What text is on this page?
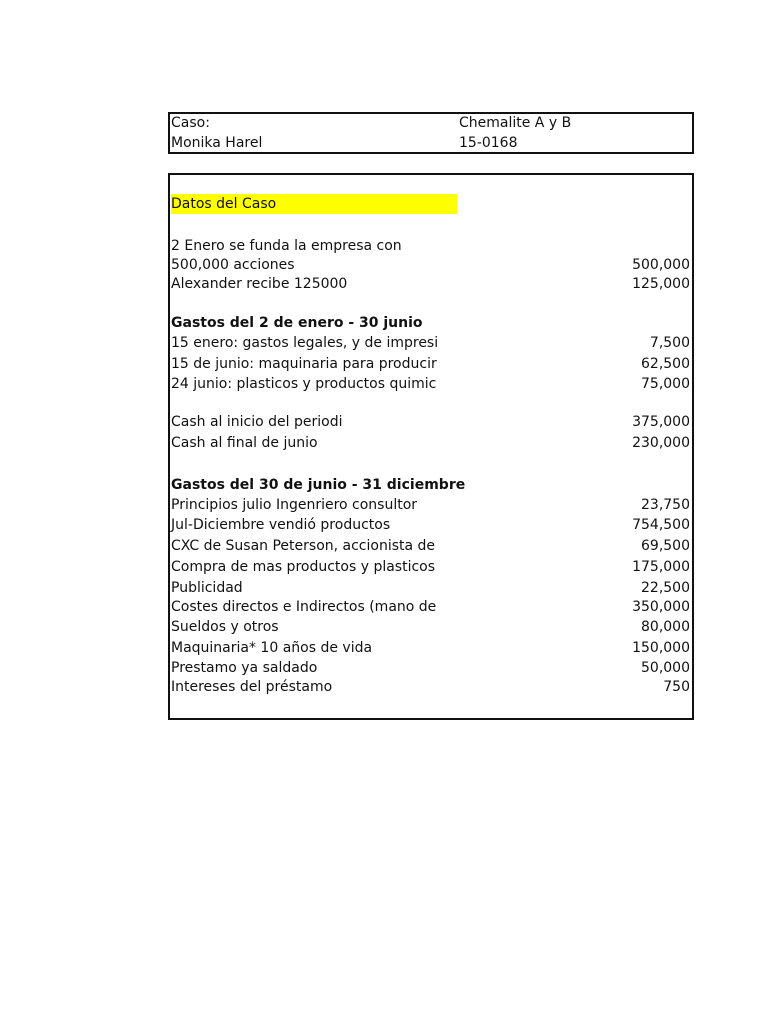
Caso:	Chemalite A y B
Monika Harel	15-0168
Datos del Caso
2 Enero se funda la empresa con
500,000 acciones	500,000
Alexander recibe 125000	125,000
Gastos del 2 de enero - 30 junio
15 enero: gastos legales, y de impresi	7,500
15 de junio: maquinaria para producir	62,500
24 junio: plasticos y productos quimic	75,000
Cash al inicio del periodi	375,000
Cash al final de junio	230,000
Gastos del 30 de junio - 31 diciembre
Principios julio Ingenriero consultor	23,750
Jul-Diciembre vendió productos	754,500
CXC de Susan Peterson, accionista de	69,500
Compra de mas productos y plasticos	175,000
Publicidad	22,500
Costes directos e Indirectos (mano de	350,000
Sueldos y otros	80,000
Maquinaria* 10 años de vida	150,000
Prestamo ya saldado	50,000
Intereses del préstamo	750
